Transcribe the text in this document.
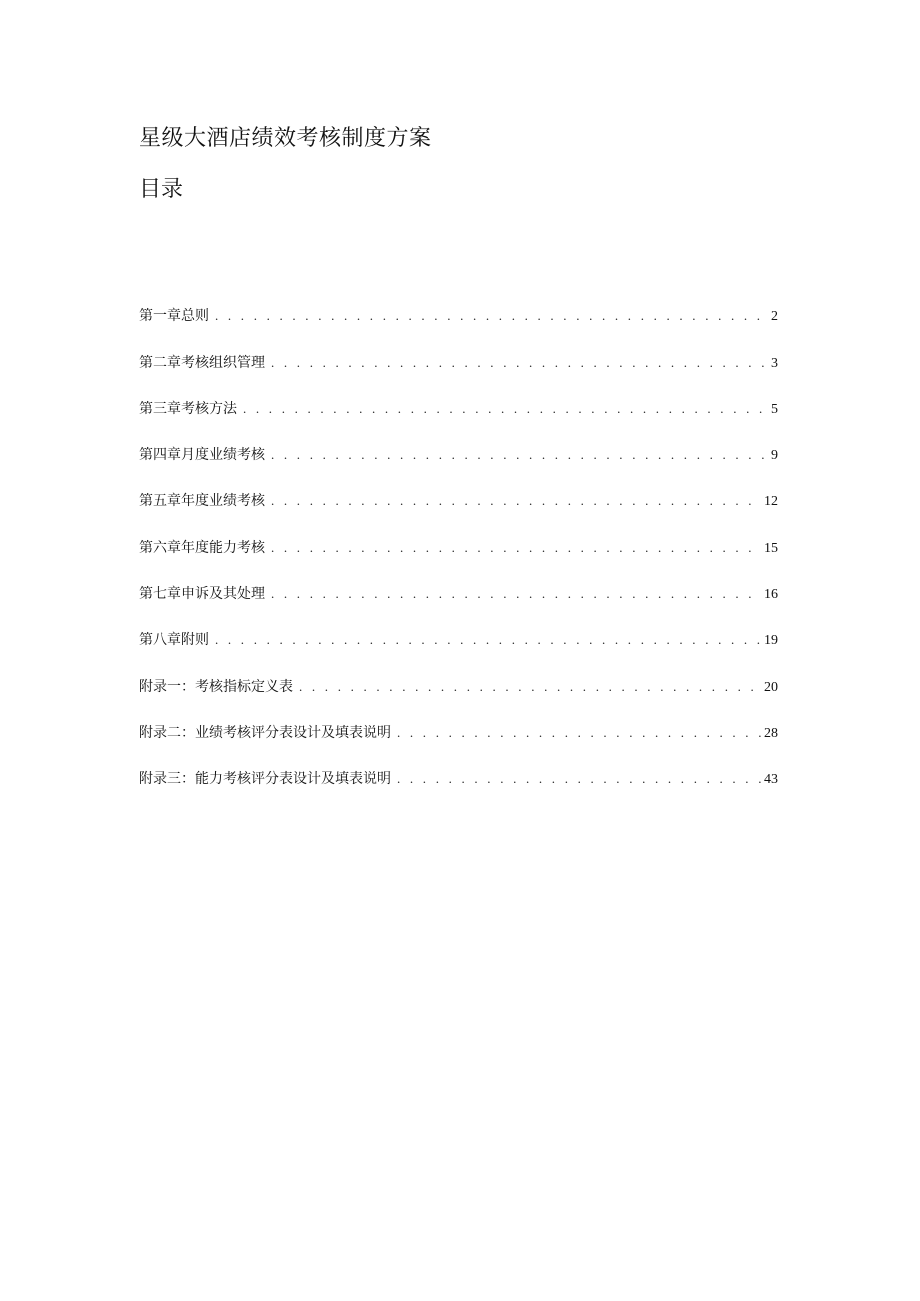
星级大酒店绩效考核制度方案
目录
第一章总则 . . .	2
第二章考核组织管理 . . .	3
第三章考核方法 . . .	5
第四章月度业绩考核 . . .	9
第五章年度业绩考核 . . .	12
第六章年度能力考核 . . .	15
第七章申诉及其处理 . . .	16
第八章附则 . . .	19
附录一：考核指标定义表 . . .	20
附录二：业绩考核评分表设计及填表说明 . . .	28
附录三：能力考核评分表设计及填表说明 . . .	43
